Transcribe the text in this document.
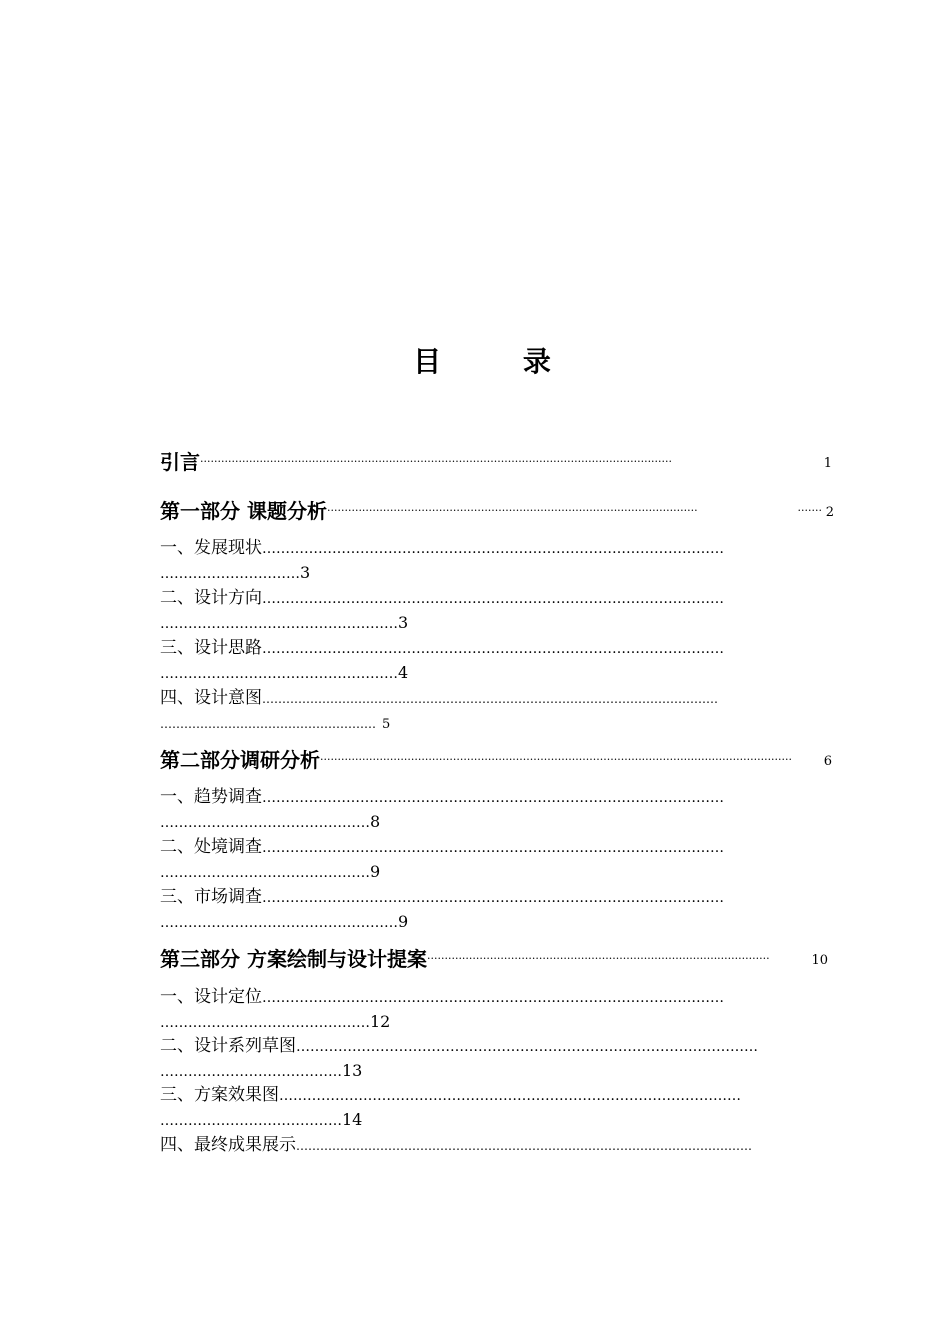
目 录
引言·······································································································································	1
第一部分 课题分析··········································································································	······· 2
一、发展现状………………………………………………………………………………………
…………………………3
二、设计方向………………………………………………………………………………………
……………………………………………3
三、设计思路………………………………………………………………………………………
……………………………………………4
四、设计意图……………………………………………………………………………………………………
……………………………………………… 5
第二部分调研分析······································································································································· 6
一、趋势调查………………………………………………………………………………………
………………………………………8
二、处境调查………………………………………………………………………………………
………………………………………9
三、市场调查………………………………………………………………………………………
……………………………………………9
第三部分 方案绘制与设计提案··································································································	10
一、设计定位………………………………………………………………………………………
………………………………………12
二、设计系列草图………………………………………………………………………………………
…………………………………13
三、方案效果图………………………………………………………………………………………
…………………………………14
四、最终成果展示……………………………………………………………………………………………………
